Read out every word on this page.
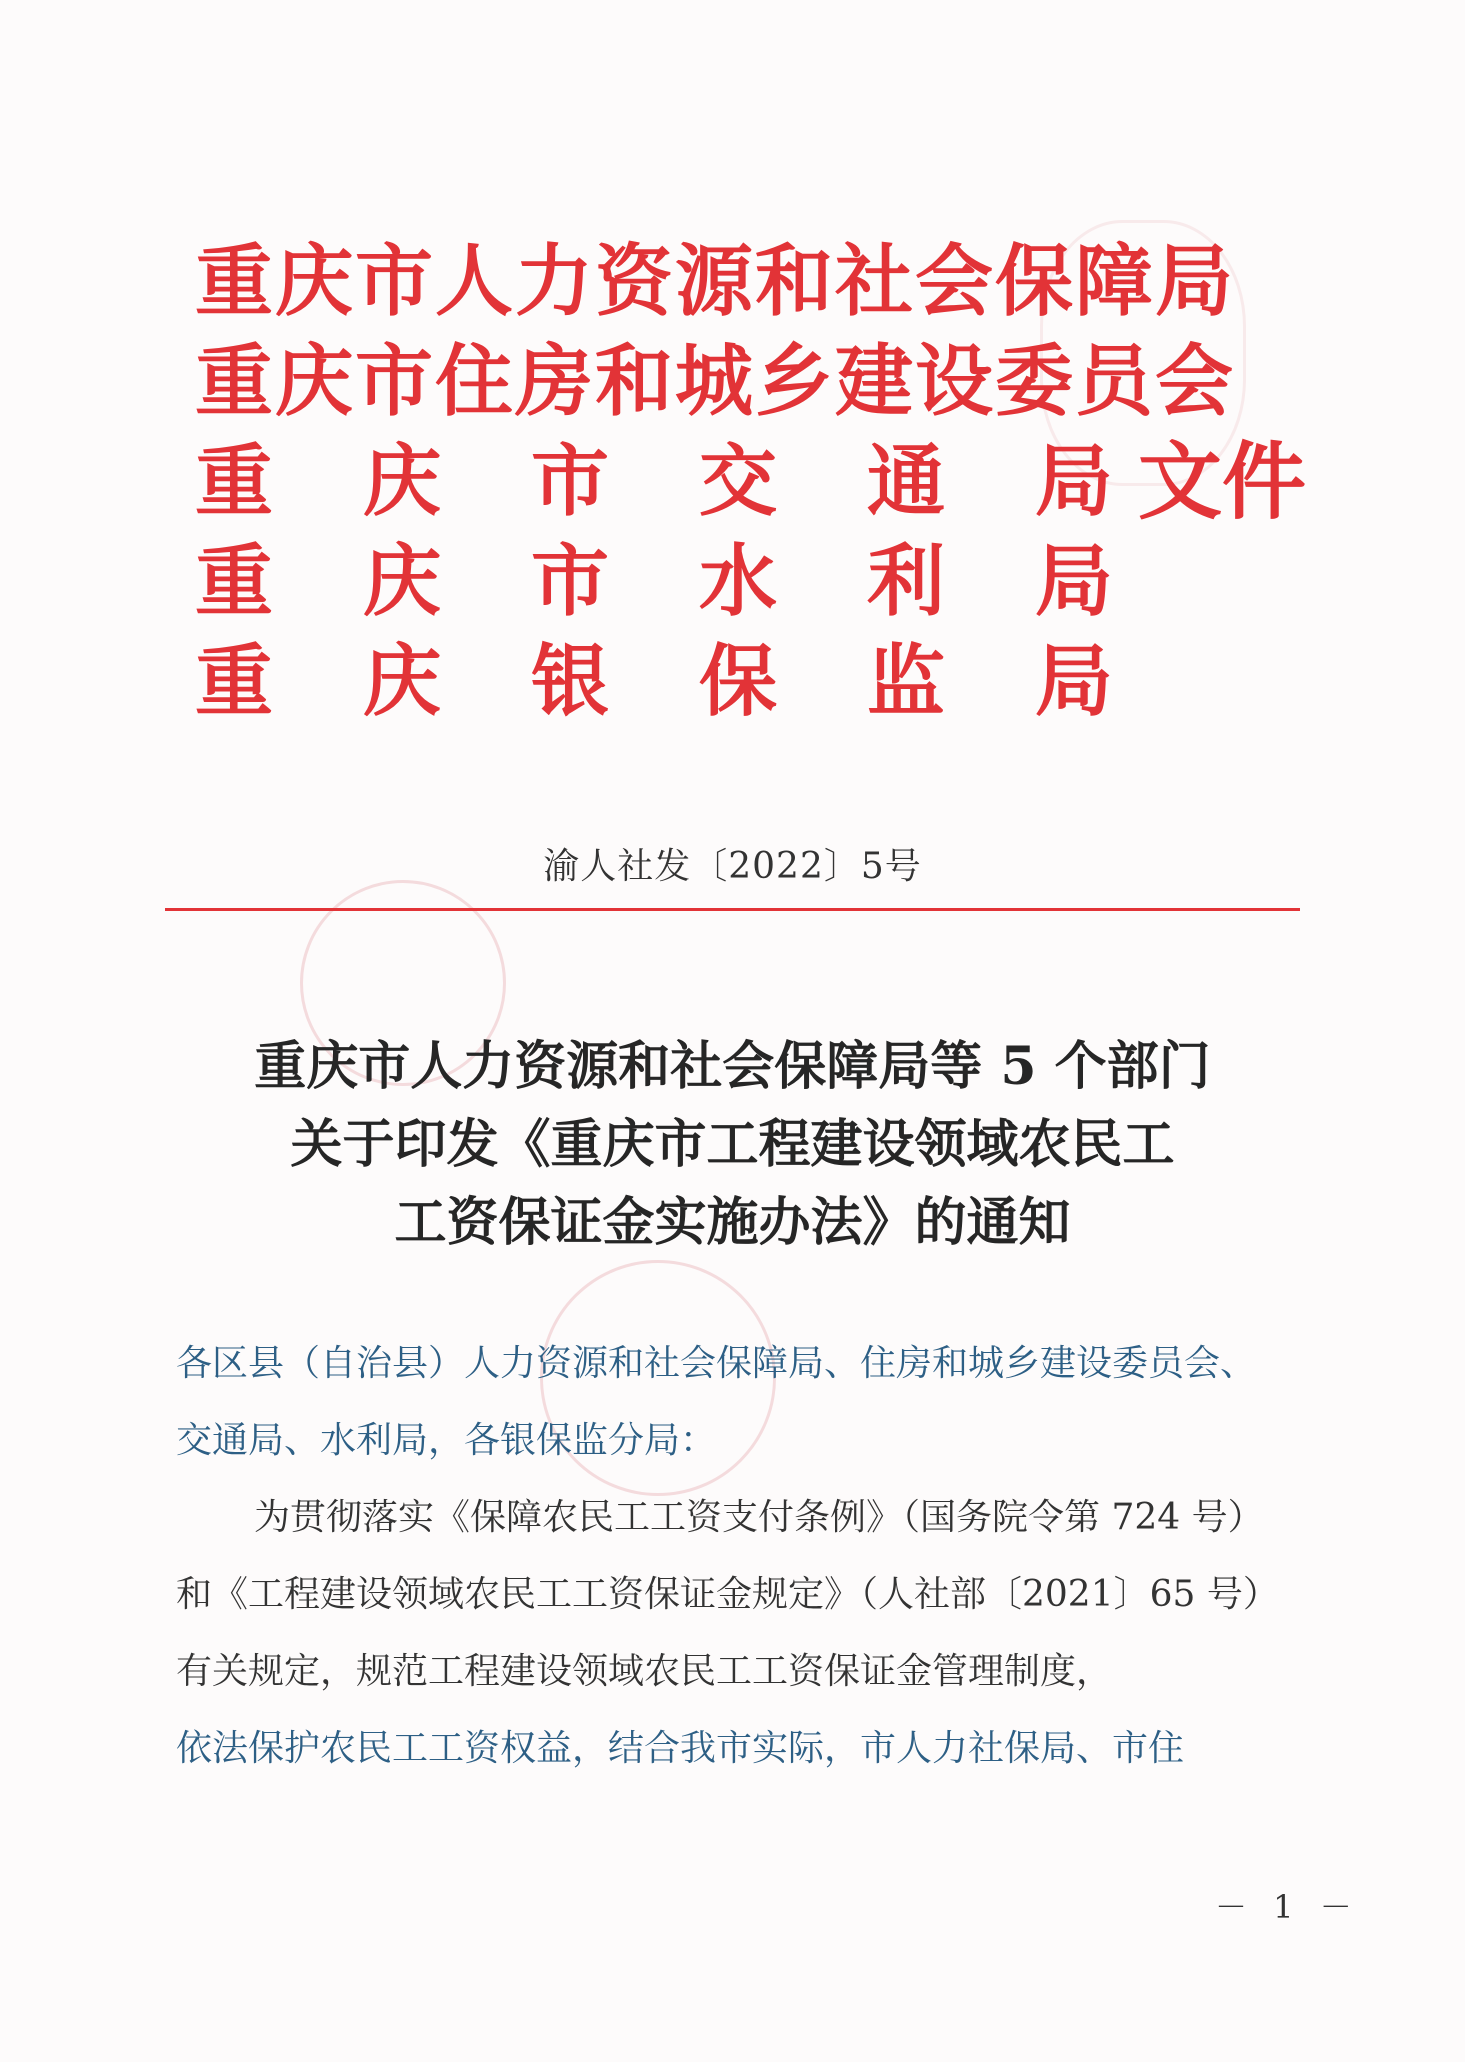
重庆市人力资源和社会保障局
重庆市住房和城乡建设委员会
重 庆 市 交 通 局
重 庆 市 水 利 局
重 庆 银 保 监 局
文件
渝人社发〔2022〕5号
重庆市人力资源和社会保障局等 5 个部门
关于印发《重庆市工程建设领域农民工
工资保证金实施办法》的通知

各区县（自治县）人力资源和社会保障局、住房和城乡建设委员会、交通局、水利局，各银保监分局：

为贯彻落实《保障农民工工资支付条例》（国务院令第 724 号）和《工程建设领域农民工工资保证金规定》（人社部〔2021〕65 号）有关规定，规范工程建设领域农民工工资保证金管理制度，

依法保护农民工工资权益，结合我市实际，市人力社保局、市住

－ 1 －
